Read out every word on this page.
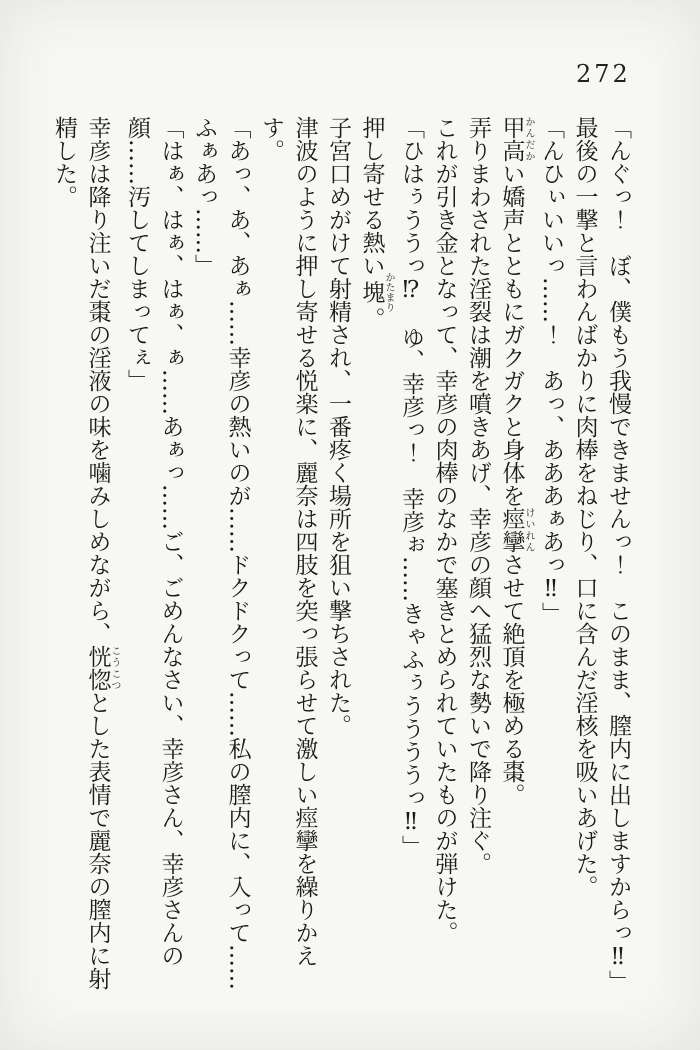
272

「んぐっ！　ぼ、僕もう我慢できませんっ！　このまま、膣内に出しますからっ‼」

最後の一撃と言わんばかりに肉棒をねじり、口に含んだ淫核を吸いあげた。

「んひぃいいっ……！　あっ、あああぁあっ‼」

甲高かんだかい嬌声とともにガクガクと身体を痙攣けいれんさせて絶頂を極める棗。

弄りまわされた淫裂は潮を噴きあげ、幸彦の顔へ猛烈な勢いで降り注ぐ。

これが引き金となって、幸彦の肉棒のなかで塞きとめられていたものが弾けた。

「ひはぅううっ⁉　ゆ、幸彦っ！　幸彦ぉ……きゃふぅううううっ‼」

押し寄せる熱い塊かたまり。

子宮口めがけて射精され、一番疼く場所を狙い撃ちされた。

津波のように押し寄せる悦楽に、麗奈は四肢を突っ張らせて激しい痙攣を繰りかえす。

「あっ、あ、あぁ……幸彦の熱いのが……ドクドクって……私の膣内に、入って……ふぁあっ……」

「はぁ、はぁ、はぁ、ぁ……あぁっ……ご、ごめんなさい、幸彦さん、幸彦さんの顔……汚してしまってぇ」

幸彦は降り注いだ棗の淫液の味を噛みしめながら、恍惚こうこつとした表情で麗奈の膣内に射精した。
